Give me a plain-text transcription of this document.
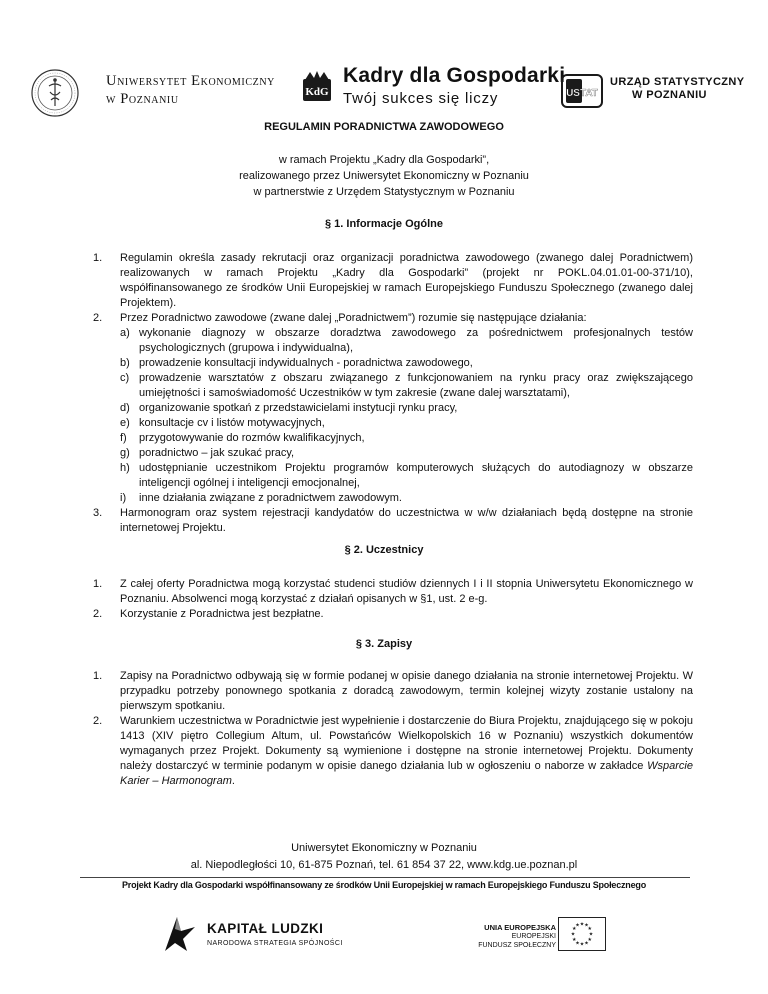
Uniwersytet Ekonomiczny
w Poznaniu	KdG
Kadry dla Gospodarki
Twój sukces się liczy	USTAT
URZĄD STATYSTYCZNY
W POZNANIU
REGULAMIN PORADNICTWA ZAWODOWEGO
w ramach Projektu „Kadry dla Gospodarki”,
realizowanego przez Uniwersytet Ekonomiczny w Poznaniu
w partnerstwie z Urzędem Statystycznym w Poznaniu
§ 1. Informacje Ogólne
1. Regulamin określa zasady rekrutacji oraz organizacji poradnictwa zawodowego (zwanego dalej Poradnictwem) realizowanych w ramach Projektu „Kadry dla Gospodarki” (projekt nr POKL.04.01.01-00-371/10), współfinansowanego ze środków Unii Europejskiej w ramach Europejskiego Funduszu Społecznego (zwanego dalej Projektem).
2. Przez Poradnictwo zawodowe (zwane dalej „Poradnictwem”) rozumie się następujące działania:
a) wykonanie diagnozy w obszarze doradztwa zawodowego za pośrednictwem profesjonalnych testów psychologicznych (grupowa i indywidualna),
b) prowadzenie konsultacji indywidualnych - poradnictwa zawodowego,
c) prowadzenie warsztatów z obszaru związanego z funkcjonowaniem na rynku pracy oraz zwiększającego umiejętności i samoświadomość Uczestników w tym zakresie (zwane dalej warsztatami),
d) organizowanie spotkań z przedstawicielami instytucji rynku pracy,
e) konsultacje cv i listów motywacyjnych,
f) przygotowywanie do rozmów kwalifikacyjnych,
g) poradnictwo – jak szukać pracy,
h) udostępnianie uczestnikom Projektu programów komputerowych służących do autodiagnozy w obszarze inteligencji ogólnej i inteligencji emocjonalnej,
i) inne działania związane z poradnictwem zawodowym.
3. Harmonogram oraz system rejestracji kandydatów do uczestnictwa w w/w działaniach będą dostępne na stronie internetowej Projektu.
§ 2. Uczestnicy
1. Z całej oferty Poradnictwa mogą korzystać studenci studiów dziennych I i II stopnia Uniwersytetu Ekonomicznego w Poznaniu. Absolwenci mogą korzystać z działań opisanych w §1, ust. 2 e-g.
2. Korzystanie z Poradnictwa jest bezpłatne.
§ 3. Zapisy
1. Zapisy na Poradnictwo odbywają się w formie podanej w opisie danego działania na stronie internetowej Projektu. W przypadku potrzeby ponownego spotkania z doradcą zawodowym, termin kolejnej wizyty zostanie ustalony na pierwszym spotkaniu.
2. Warunkiem uczestnictwa w Poradnictwie jest wypełnienie i dostarczenie do Biura Projektu, znajdującego się w pokoju 1413 (XIV piętro Collegium Altum, ul. Powstańców Wielkopolskich 16 w Poznaniu) wszystkich dokumentów wymaganych przez Projekt. Dokumenty są wymienione i dostępne na stronie internetowej Projektu. Dokumenty należy dostarczyć w terminie podanym w opisie danego działania lub w ogłoszeniu o naborze w zakładce Wsparcie Karier – Harmonogram.
Uniwersytet Ekonomiczny w Poznaniu
al. Niepodległości 10, 61-875 Poznań, tel. 61 854 37 22, www.kdg.ue.poznan.pl
Projekt Kadry dla Gospodarki współfinansowany ze środków Unii Europejskiej w ramach Europejskiego Funduszu Społecznego
KAPITAŁ LUDZKI
NARODOWA STRATEGIA SPÓJNOŚCI
UNIA EUROPEJSKA
EUROPEJSKI
FUNDUSZ SPOŁECZNY
★ ★
★
★
★
★
★
★
★
★
★
★
